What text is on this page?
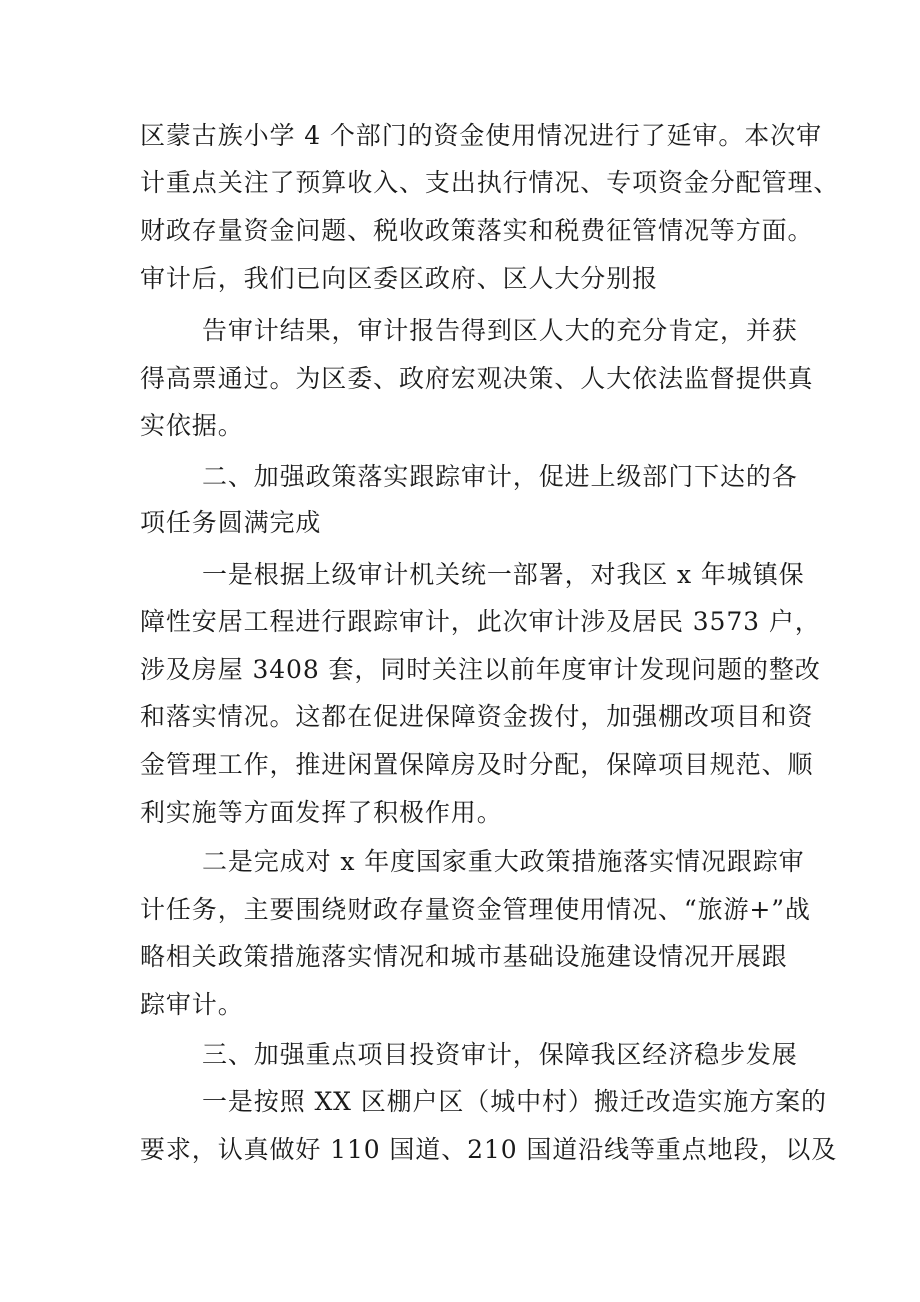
区蒙古族小学 4 个部门的资金使用情况进行了延审。本次审
计重点关注了预算收入、支出执行情况、专项资金分配管理、
财政存量资金问题、税收政策落实和税费征管情况等方面。
审计后，我们已向区委区政府、区人大分别报
告审计结果，审计报告得到区人大的充分肯定，并获
得高票通过。为区委、政府宏观决策、人大依法监督提供真
实依据。
二、加强政策落实跟踪审计，促进上级部门下达的各
项任务圆满完成
一是根据上级审计机关统一部署，对我区 x 年城镇保
障性安居工程进行跟踪审计，此次审计涉及居民 3573 户，
涉及房屋 3408 套，同时关注以前年度审计发现问题的整改
和落实情况。这都在促进保障资金拨付，加强棚改项目和资
金管理工作，推进闲置保障房及时分配，保障项目规范、顺
利实施等方面发挥了积极作用。
二是完成对 x 年度国家重大政策措施落实情况跟踪审
计任务，主要围绕财政存量资金管理使用情况、“旅游+”战
略相关政策措施落实情况和城市基础设施建设情况开展跟
踪审计。
三、加强重点项目投资审计，保障我区经济稳步发展
一是按照 XX 区棚户区（城中村）搬迁改造实施方案的
要求，认真做好 110 国道、210 国道沿线等重点地段，以及
